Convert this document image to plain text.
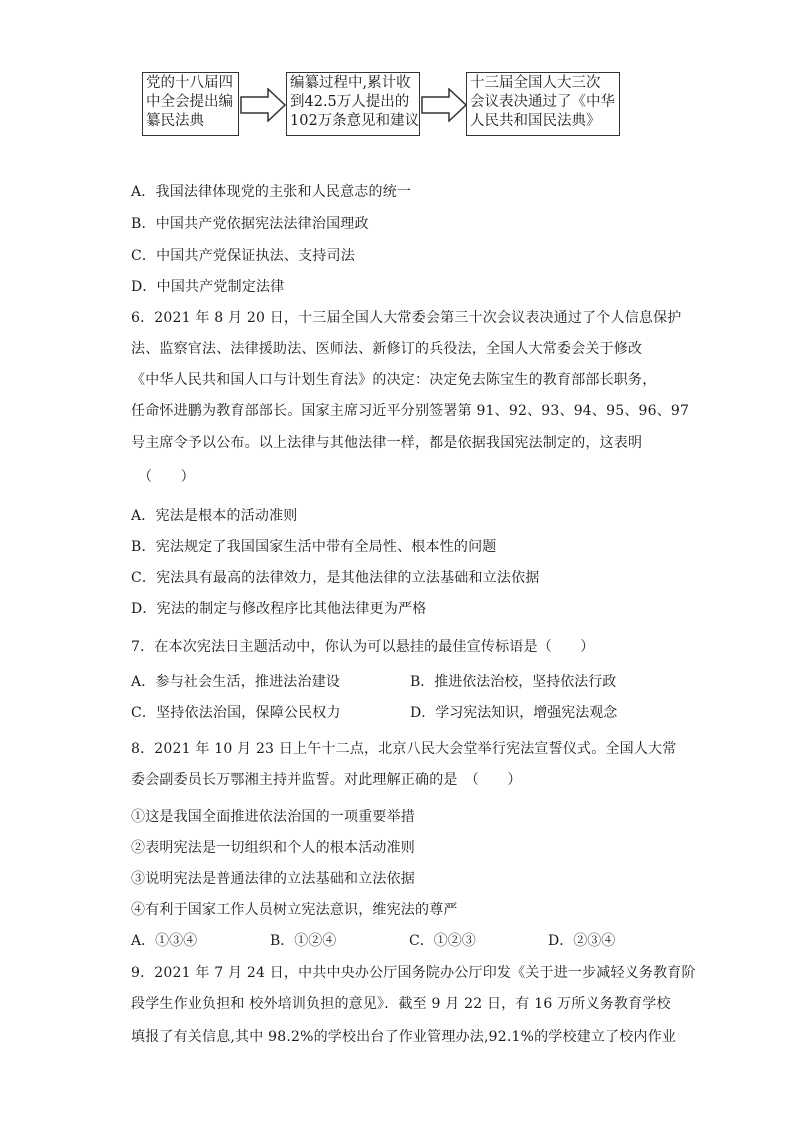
党的十八届四
中全会提出编
纂民法典
编纂过程中,累计收
到42.5万人提出的
102万条意见和建议
十三届全国人大三次
会议表决通过了《中华
人民共和国民法典》
A．我国法律体现党的主张和人民意志的统一
B．中国共产党依据宪法法律治国理政
C．中国共产党保证执法、支持司法
D．中国共产党制定法律
6．2021 年 8 月 20 日，十三届全国人大常委会第三十次会议表决通过了个人信息保护
法、监察官法、法律援助法、医师法、新修订的兵役法，全国人大常委会关于修改
《中华人民共和国人口与计划生育法》的决定：决定免去陈宝生的教育部部长职务，
任命怀进鹏为教育部部长。国家主席习近平分别签署第 91、92、93、94、95、96、97
号主席令予以公布。以上法律与其他法律一样，都是依据我国宪法制定的，这表明
（　　）
A．宪法是根本的活动准则
B．宪法规定了我国国家生活中带有全局性、根本性的问题
C．宪法具有最高的法律效力，是其他法律的立法基础和立法依据
D．宪法的制定与修改程序比其他法律更为严格
7．在本次宪法日主题活动中，你认为可以悬挂的最佳宣传标语是（　　）
A．参与社会生活，推进法治建设	B．推进依法治校，坚持依法行政
C．坚持依法治国，保障公民权力	D．学习宪法知识，增强宪法观念
8．2021 年 10 月 23 日上午十二点，北京八民大会堂举行宪法宣誓仪式。全国人大常
委会副委员长万鄂湘主持并监誓。对此理解正确的是　（　　）
①这是我国全面推进依法治国的一项重要举措
②表明宪法是一切组织和个人的根本活动准则
③说明宪法是普通法律的立法基础和立法依据
④有利于国家工作人员树立宪法意识，维宪法的尊严
A．①③④	B．①②④	C．①②③	D．②③④
9．2021 年 7 月 24 日，中共中央办公厅国务院办公厅印发《关于进一步减轻义务教育阶
段学生作业负担和 校外培训负担的意见》．截至 9 月 22 日，有 16 万所义务教育学校
填报了有关信息,其中 98.2%的学校出台了作业管理办法,92.1%的学校建立了校内作业
